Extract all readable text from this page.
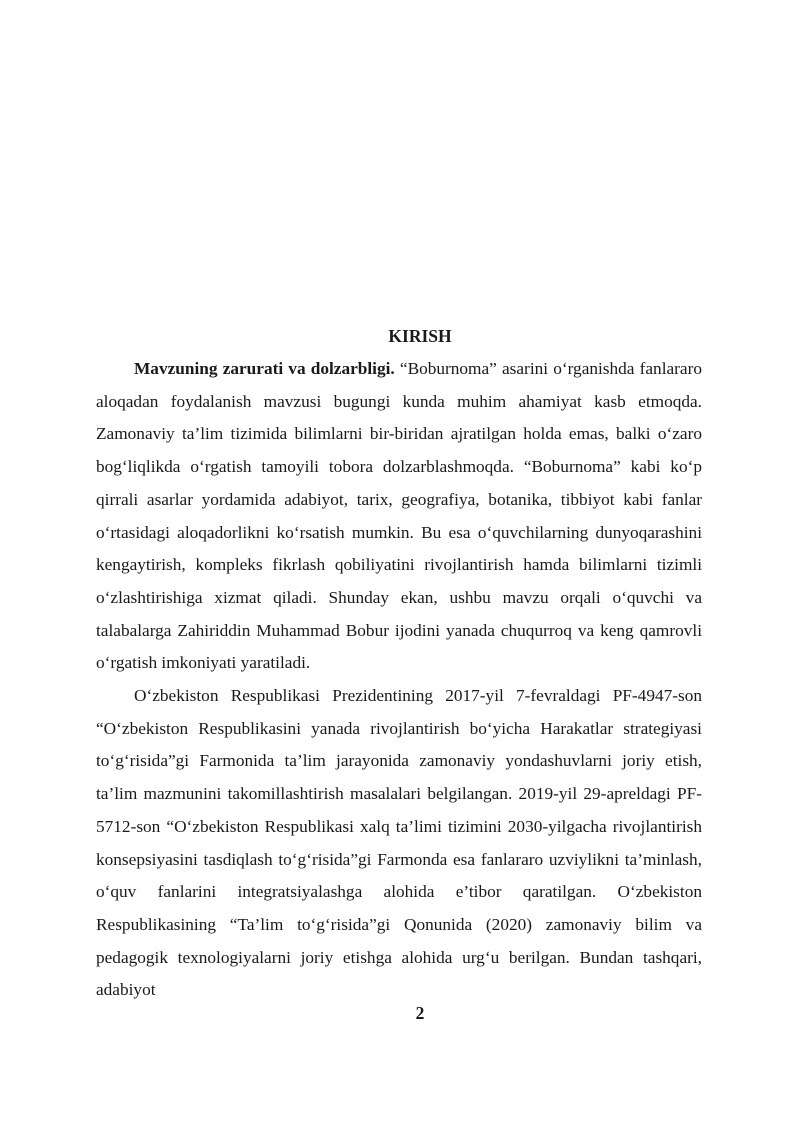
KIRISH

Mavzuning zarurati va dolzarbligi. “Boburnoma” asarini o‘rganishda fanlararo aloqadan foydalanish mavzusi bugungi kunda muhim ahamiyat kasb etmoqda. Zamonaviy ta’lim tizimida bilimlarni bir-biridan ajratilgan holda emas, balki o‘zaro bog‘liqlikda o‘rgatish tamoyili tobora dolzarblashmoqda. “Boburnoma” kabi ko‘p qirrali asarlar yordamida adabiyot, tarix, geografiya, botanika, tibbiyot kabi fanlar o‘rtasidagi aloqadorlikni ko‘rsatish mumkin. Bu esa o‘quvchilarning dunyoqarashini kengaytirish, kompleks fikrlash qobiliyatini rivojlantirish hamda bilimlarni tizimli o‘zlashtirishiga xizmat qiladi. Shunday ekan, ushbu mavzu orqali o‘quvchi va talabalarga Zahiriddin Muhammad Bobur ijodini yanada chuqurroq va keng qamrovli o‘rgatish imkoniyati yaratiladi.

O‘zbekiston Respublikasi Prezidentining 2017-yil 7-fevraldagi PF-4947-son “O‘zbekiston Respublikasini yanada rivojlantirish bo‘yicha Harakatlar strategiyasi to‘g‘risida”gi Farmonida ta’lim jarayonida zamonaviy yondashuvlarni joriy etish, ta’lim mazmunini takomillashtirish masalalari belgilangan. 2019-yil 29-apreldagi PF-5712-son “O‘zbekiston Respublikasi xalq ta’limi tizimini 2030-yilgacha rivojlantirish konsepsiyasini tasdiqlash to‘g‘risida”gi Farmonda esa fanlararo uzviylikni ta’minlash, o‘quv fanlarini integratsiyalashga alohida e’tibor qaratilgan. O‘zbekiston Respublikasining “Ta’lim to‘g‘risida”gi Qonunida (2020) zamonaviy bilim va pedagogik texnologiyalarni joriy etishga alohida urg‘u berilgan. Bundan tashqari, adabiyot

2
